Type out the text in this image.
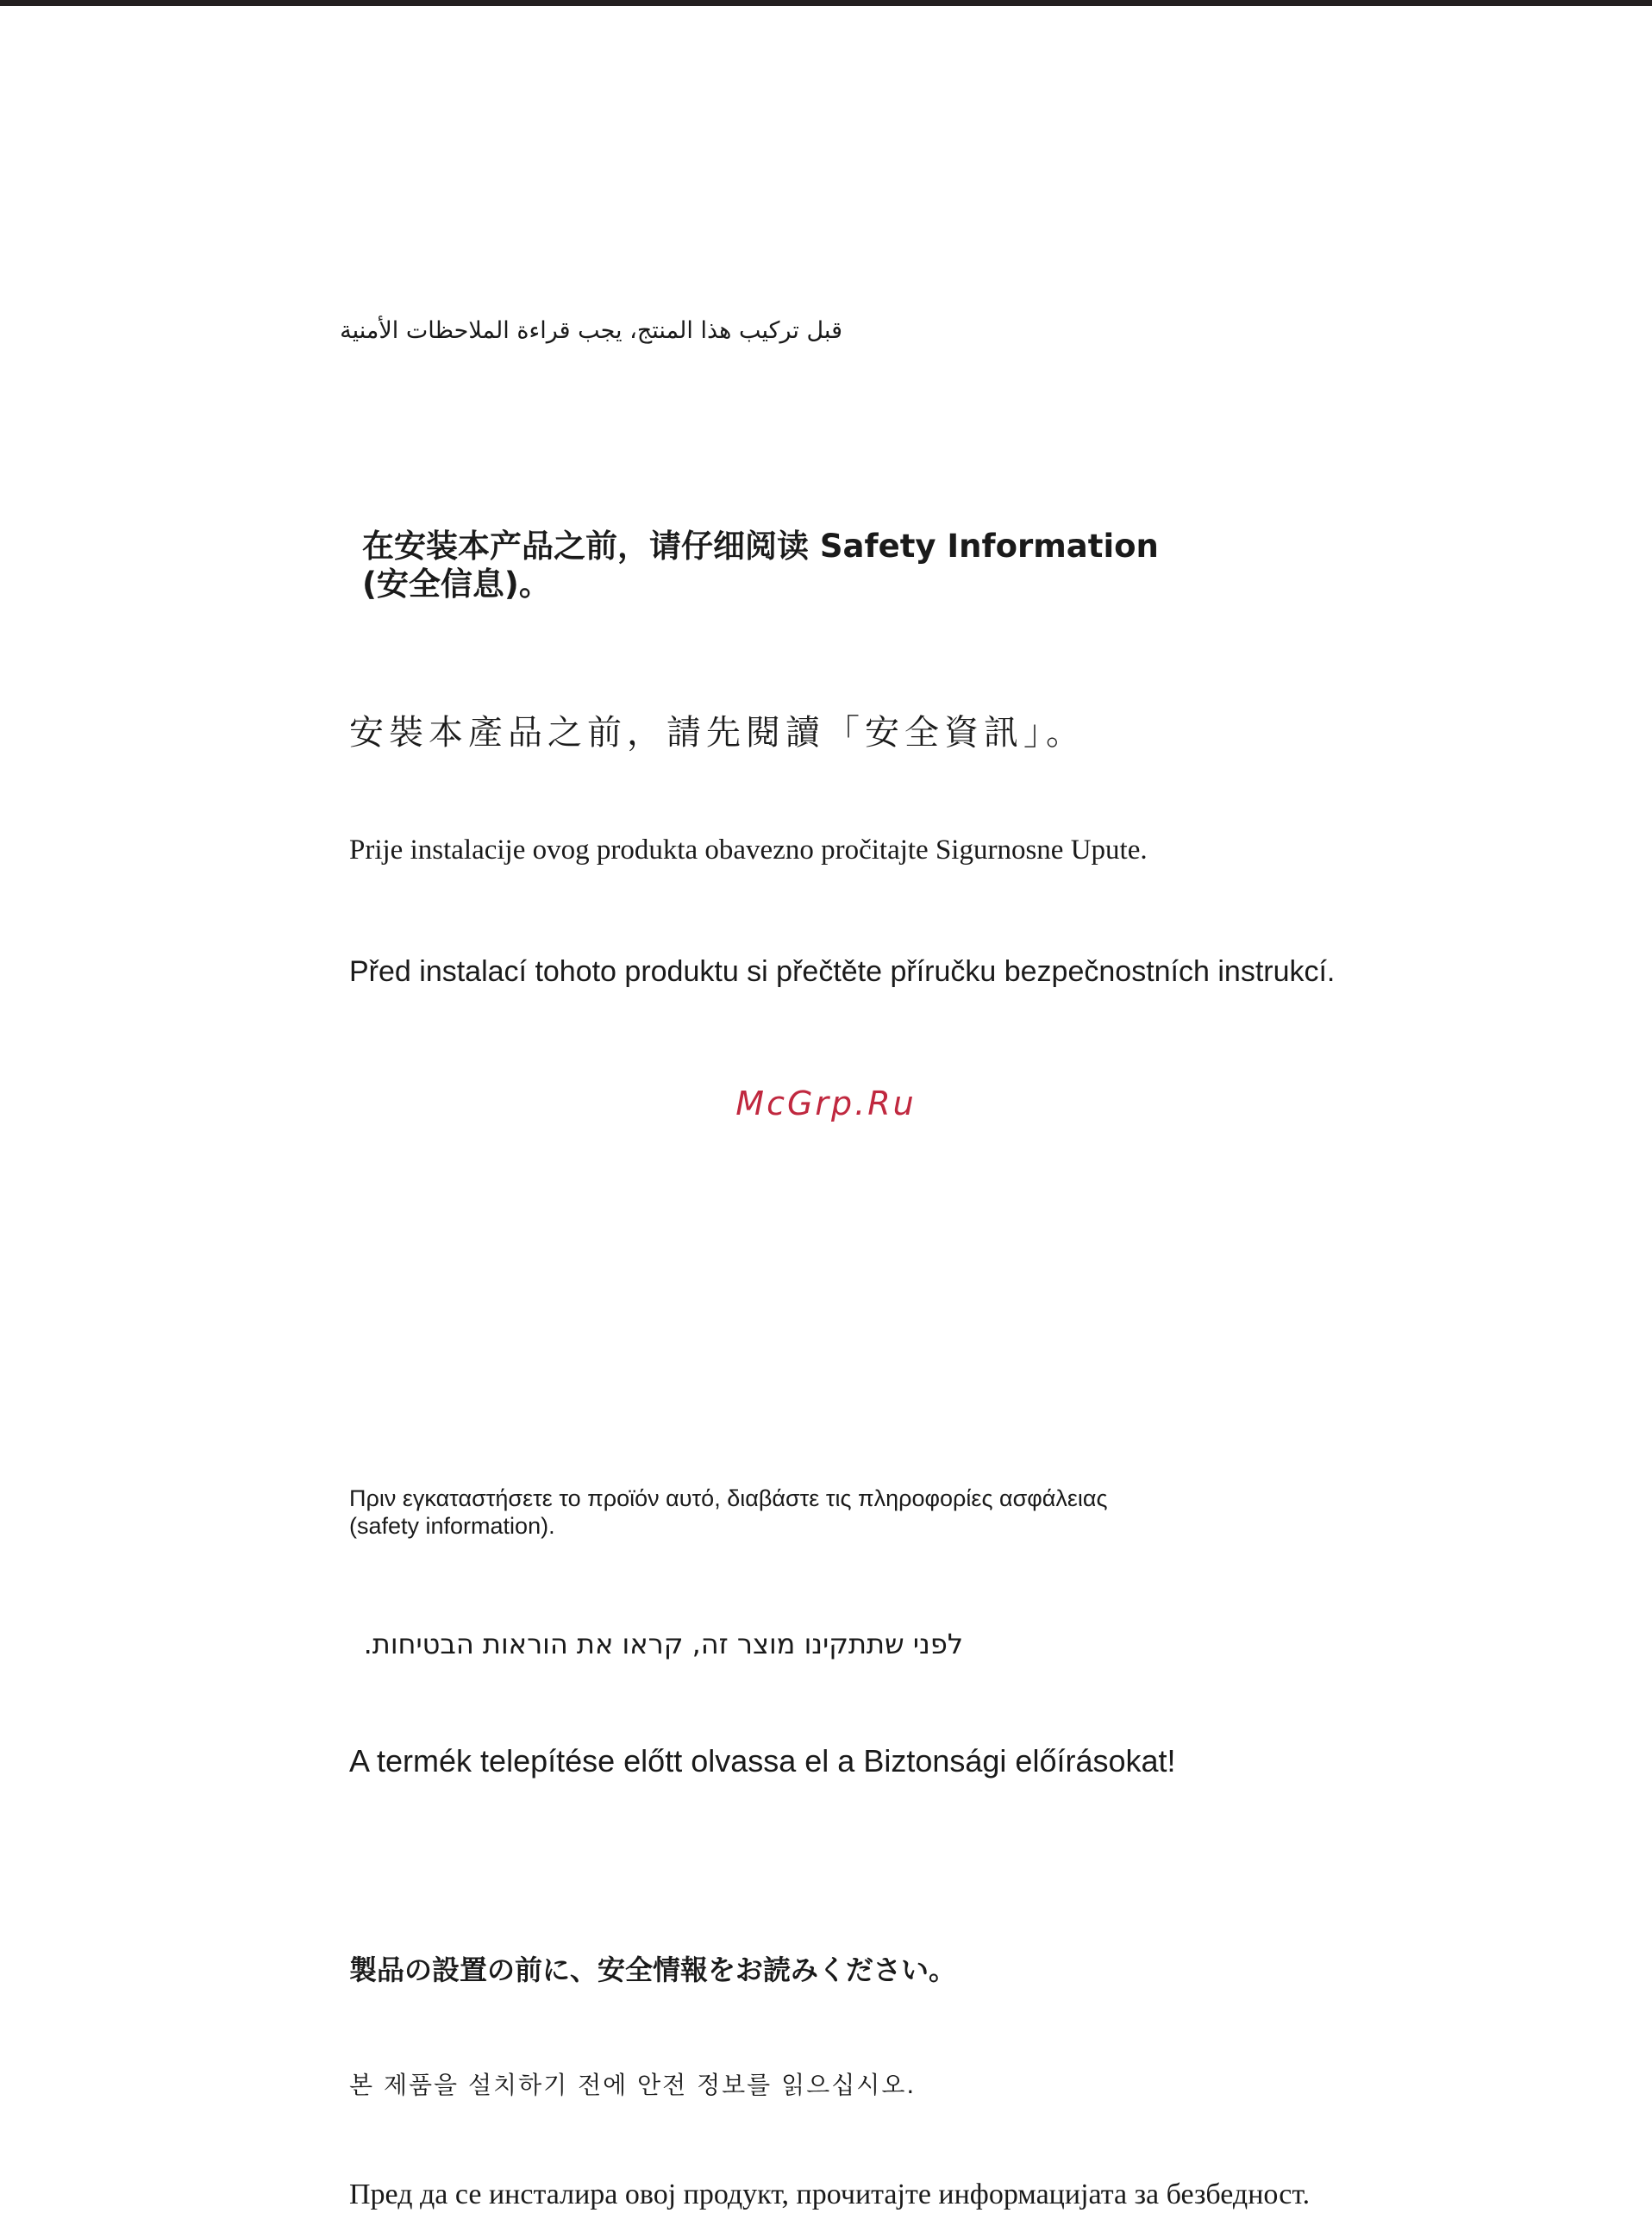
قبل تركيب هذا المنتج، يجب قراءة الملاحظات الأمنية

在安装本产品之前，请仔细阅读 Safety Information
(安全信息)。

安裝本產品之前，請先閱讀「安全資訊」。

Prije instalacije ovog produkta obavezno pročitajte Sigurnosne Upute.

Před instalací tohoto produktu si přečtěte příručku bezpečnostních instrukcí.

McGrp.Ru

Πριν εγκαταστήσετε το προϊόν αυτό, διαβάστε τις πληροφορίες ασφάλειας
(safety information).

לפני שתתקינו מוצר זה, קראו את הוראות הבטיחות.

A termék telepítése előtt olvassa el a Biztonsági előírásokat!

製品の設置の前に、安全情報をお読みください。

본 제품을 설치하기 전에 안전 정보를 읽으십시오.

Пред да се инсталира овој продукт, прочитајте информацијата за безбедност.
